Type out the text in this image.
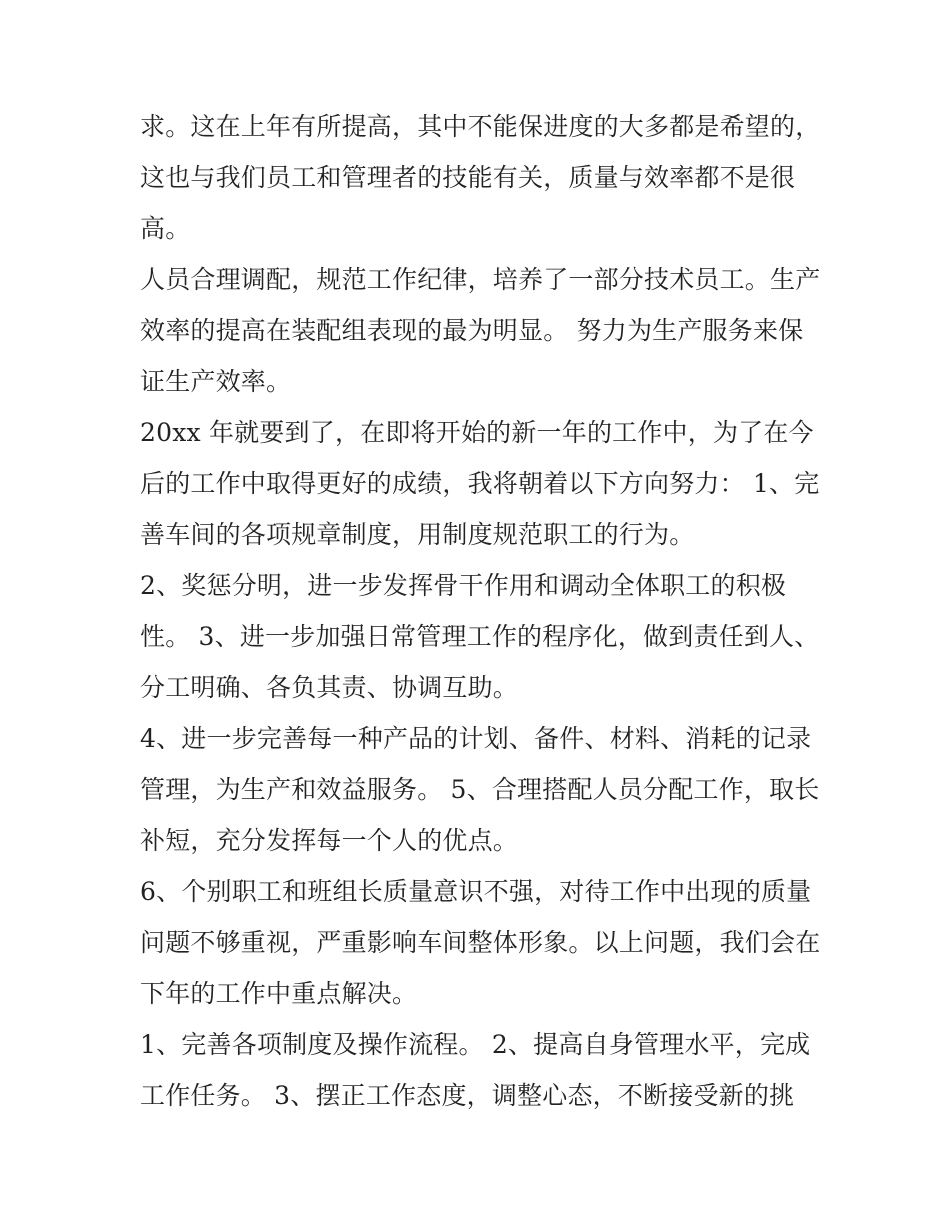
求。这在上年有所提高，其中不能保进度的大多都是希望的，
这也与我们员工和管理者的技能有关，质量与效率都不是很
高。

人员合理调配，规范工作纪律，培养了一部分技术员工。生产
效率的提高在装配组表现的最为明显。 努力为生产服务来保
证生产效率。

20xx 年就要到了，在即将开始的新一年的工作中，为了在今
后的工作中取得更好的成绩，我将朝着以下方向努力： 1、完
善车间的各项规章制度，用制度规范职工的行为。

2、奖惩分明，进一步发挥骨干作用和调动全体职工的积极
性。 3、进一步加强日常管理工作的程序化，做到责任到人、
分工明确、各负其责、协调互助。

4、进一步完善每一种产品的计划、备件、材料、消耗的记录
管理，为生产和效益服务。 5、合理搭配人员分配工作，取长
补短，充分发挥每一个人的优点。

6、个别职工和班组长质量意识不强，对待工作中出现的质量
问题不够重视，严重影响车间整体形象。以上问题，我们会在
下年的工作中重点解决。

1、完善各项制度及操作流程。 2、提高自身管理水平，完成
工作任务。 3、摆正工作态度，调整心态，不断接受新的挑
